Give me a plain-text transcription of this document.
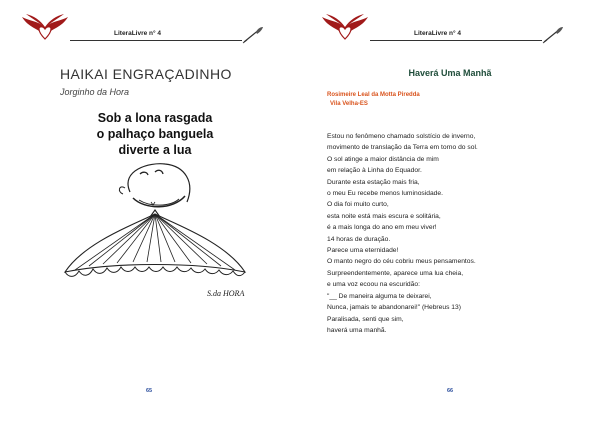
LiteraLivre n° 4
HAIKAI ENGRAÇADINHO
Jorginho da Hora
Sob a lona rasgada
o palhaço banguela
diverte a lua
S.da HORA
65
LiteraLivre n° 4
Haverá Uma Manhã
Rosimeire Leal da Motta Piredda
Vila Velha-ES
Estou no fenômeno chamado solstício de inverno,
movimento de translação da Terra em torno do sol.
O sol atinge a maior distância de mim
em relação à Linha do Equador.
Durante esta estação mais fria,
o meu Eu recebe menos luminosidade.
O dia foi muito curto,
esta noite está mais escura e solitária,
é a mais longa do ano em meu viver!
14 horas de duração.
Parece uma eternidade!
O manto negro do céu cobriu meus pensamentos.
Surpreendentemente, aparece uma lua cheia,
e uma voz ecoou na escuridão:
"__ De maneira alguma te deixarei,
Nunca, jamais te abandonarei!" (Hebreus 13)
Paralisada, senti que sim,
haverá uma manhã.
66
